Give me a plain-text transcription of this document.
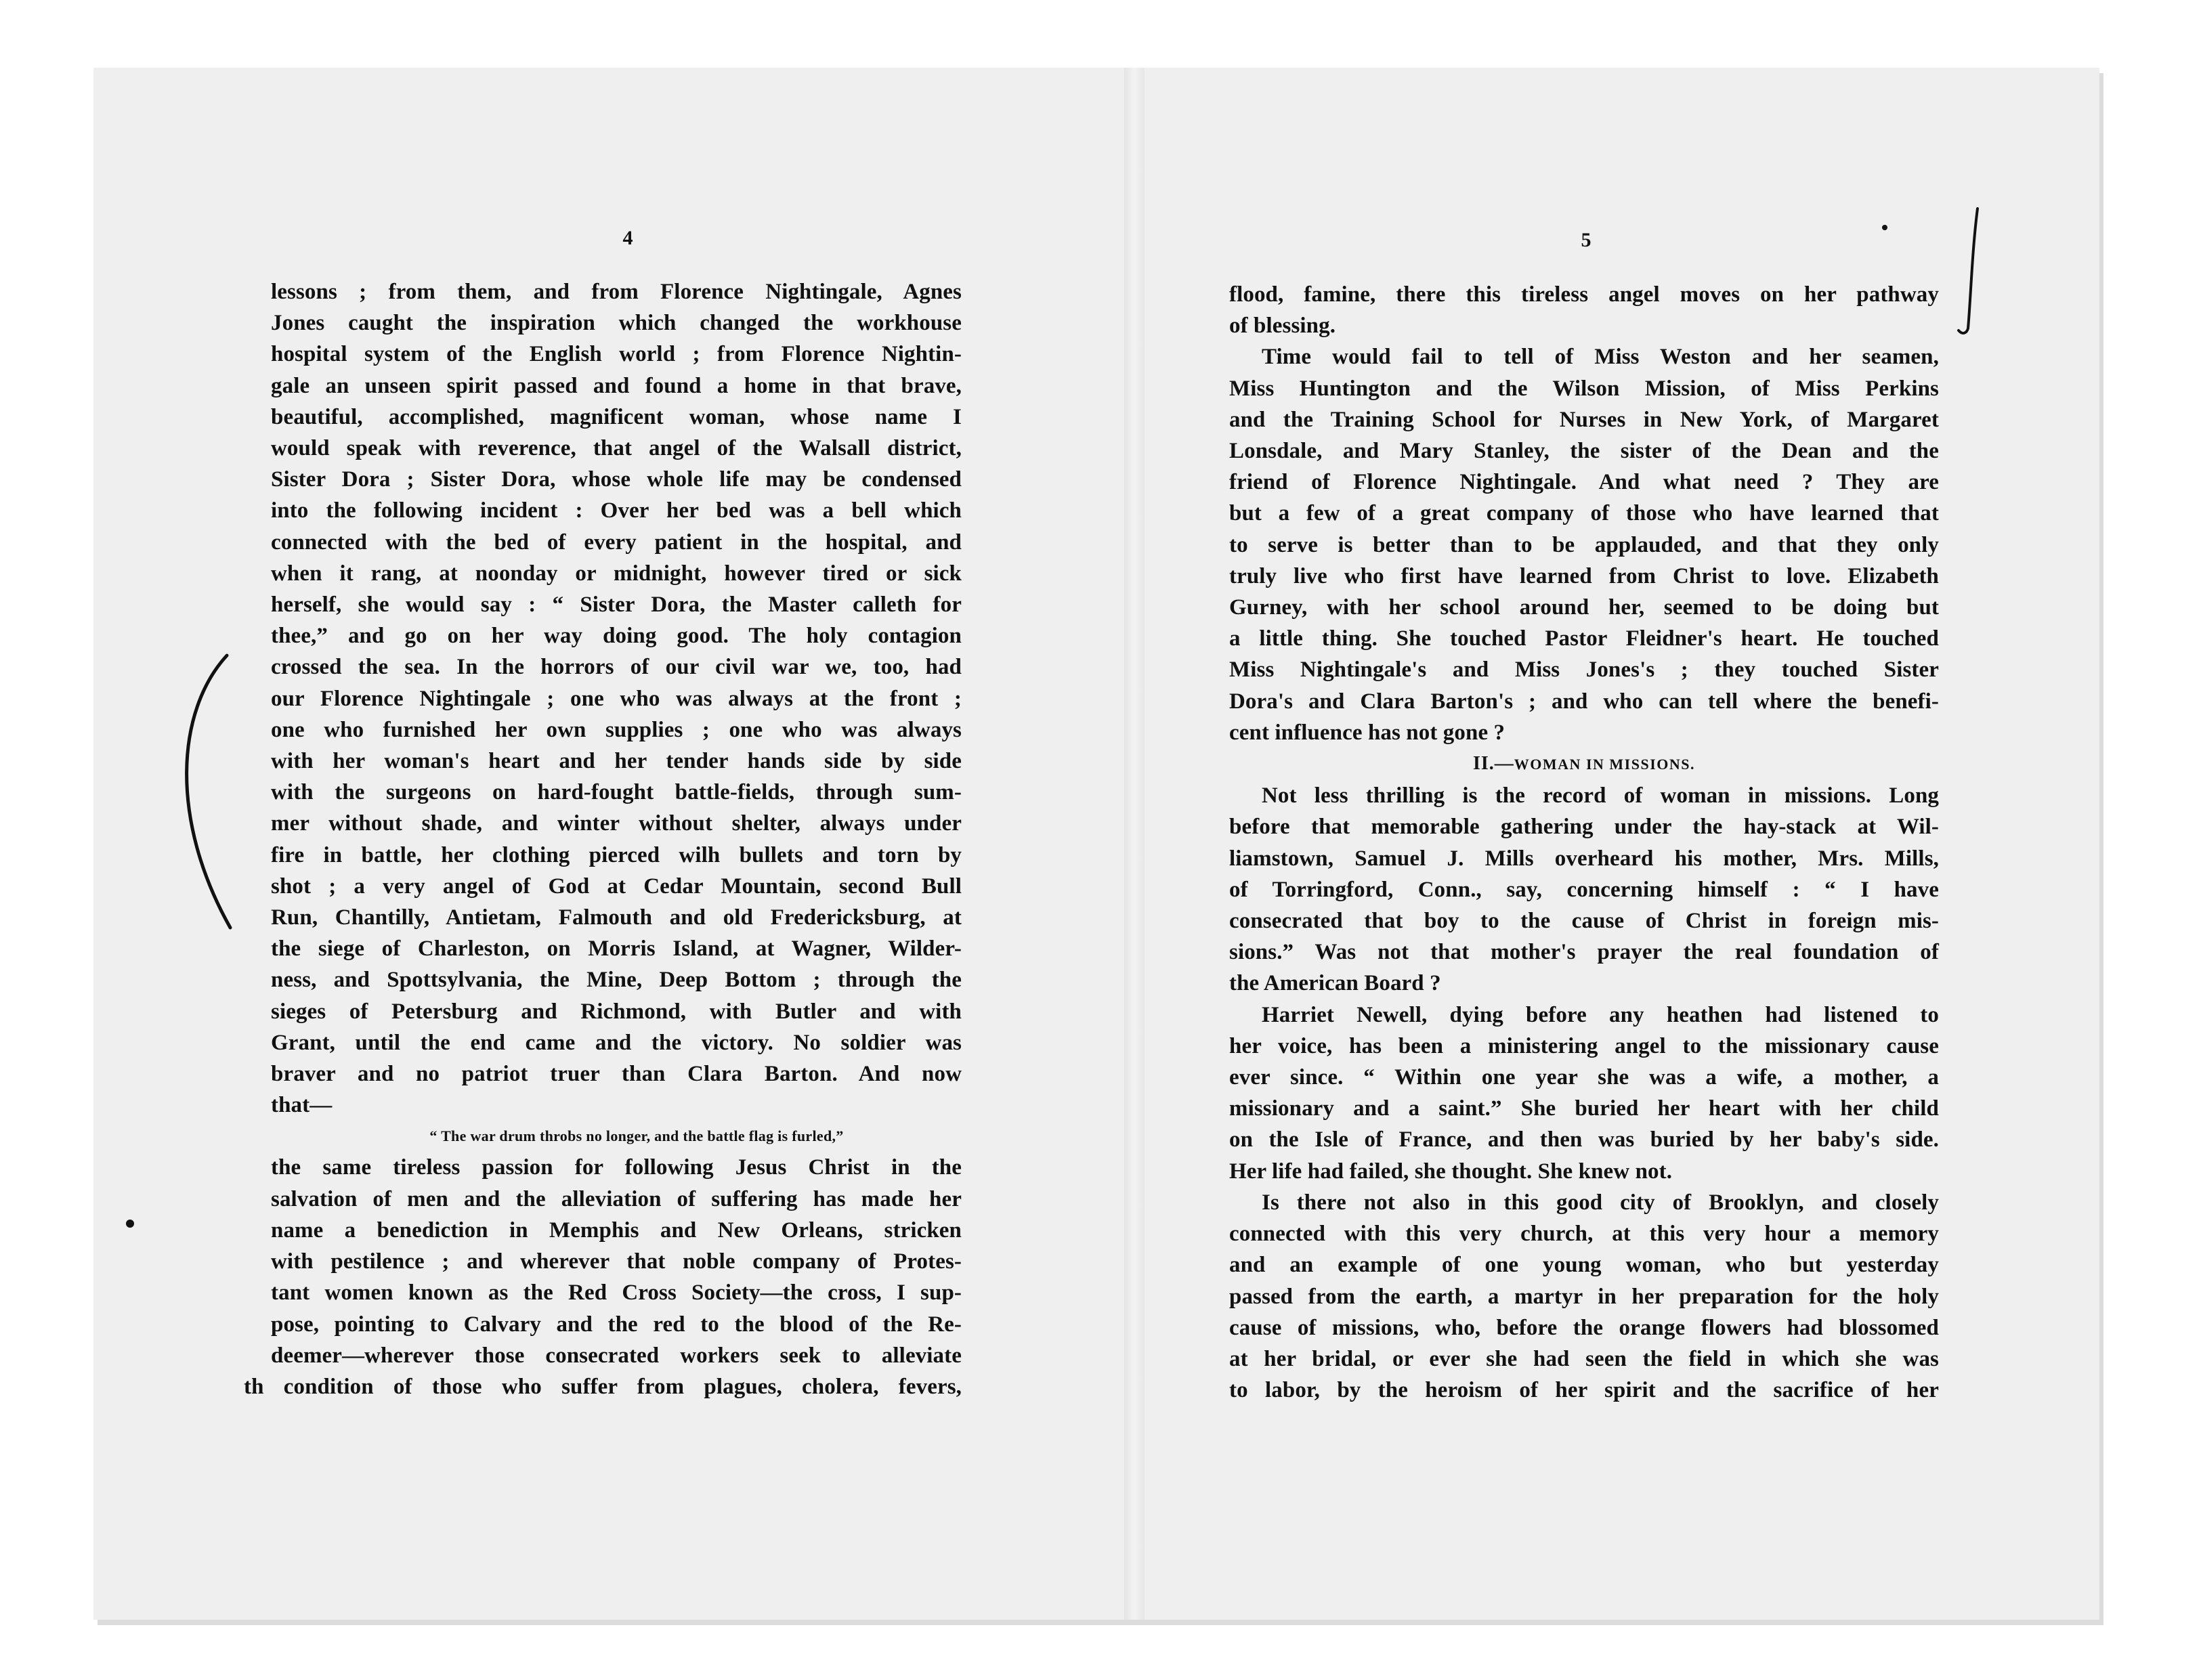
4	5
lessons ; from them, and from Florence Nightingale, Agnes
Jones caught the inspiration which changed the workhouse
hospital system of the English world ; from Florence Nightin-
gale an unseen spirit passed and found a home in that brave,
beautiful, accomplished, magnificent woman, whose name I
would speak with reverence, that angel of the Walsall district,
Sister Dora ; Sister Dora, whose whole life may be condensed
into the following incident : Over her bed was a bell which
connected with the bed of every patient in the hospital, and
when it rang, at noonday or midnight, however tired or sick
herself, she would say : “ Sister Dora, the Master calleth for
thee,” and go on her way doing good. The holy contagion
crossed the sea. In the horrors of our civil war we, too, had
our Florence Nightingale ; one who was always at the front ;
one who furnished her own supplies ; one who was always
with her woman's heart and her tender hands side by side
with the surgeons on hard-fought battle-fields, through sum-
mer without shade, and winter without shelter, always under
fire in battle, her clothing pierced wilh bullets and torn by
shot ; a very angel of God at Cedar Mountain, second Bull
Run, Chantilly, Antietam, Falmouth and old Fredericksburg, at
the siege of Charleston, on Morris Island, at Wagner, Wilder-
ness, and Spottsylvania, the Mine, Deep Bottom ; through the
sieges of Petersburg and Richmond, with Butler and with
Grant, until the end came and the victory. No soldier was
braver and no patriot truer than Clara Barton. And now
that—
“ The war drum throbs no longer, and the battle flag is furled,”
the same tireless passion for following Jesus Christ in the
salvation of men and the alleviation of suffering has made her
name a benediction in Memphis and New Orleans, stricken
with pestilence ; and wherever that noble company of Protes-
tant women known as the Red Cross Society—the cross, I sup-
pose, pointing to Calvary and the red to the blood of the Re-
deemer—wherever those consecrated workers seek to alleviate
th condition of those who suffer from plagues, cholera, fevers,
flood, famine, there this tireless angel moves on her pathway
of blessing.
Time would fail to tell of Miss Weston and her seamen,
Miss Huntington and the Wilson Mission, of Miss Perkins
and the Training School for Nurses in New York, of Margaret
Lonsdale, and Mary Stanley, the sister of the Dean and the
friend of Florence Nightingale. And what need ? They are
but a few of a great company of those who have learned that
to serve is better than to be applauded, and that they only
truly live who first have learned from Christ to love. Elizabeth
Gurney, with her school around her, seemed to be doing but
a little thing. She touched Pastor Fleidner's heart. He touched
Miss Nightingale's and Miss Jones's ; they touched Sister
Dora's and Clara Barton's ; and who can tell where the benefi-
cent influence has not gone ?
II.—WOMAN IN MISSIONS.
Not less thrilling is the record of woman in missions. Long
before that memorable gathering under the hay-stack at Wil-
liamstown, Samuel J. Mills overheard his mother, Mrs. Mills,
of Torringford, Conn., say, concerning himself : “ I have
consecrated that boy to the cause of Christ in foreign mis-
sions.” Was not that mother's prayer the real foundation of
the American Board ?
Harriet Newell, dying before any heathen had listened to
her voice, has been a ministering angel to the missionary cause
ever since. “ Within one year she was a wife, a mother, a
missionary and a saint.” She buried her heart with her child
on the Isle of France, and then was buried by her baby's side.
Her life had failed, she thought. She knew not.
Is there not also in this good city of Brooklyn, and closely
connected with this very church, at this very hour a memory
and an example of one young woman, who but yesterday
passed from the earth, a martyr in her preparation for the holy
cause of missions, who, before the orange flowers had blossomed
at her bridal, or ever she had seen the field in which she was
to labor, by the heroism of her spirit and the sacrifice of her
